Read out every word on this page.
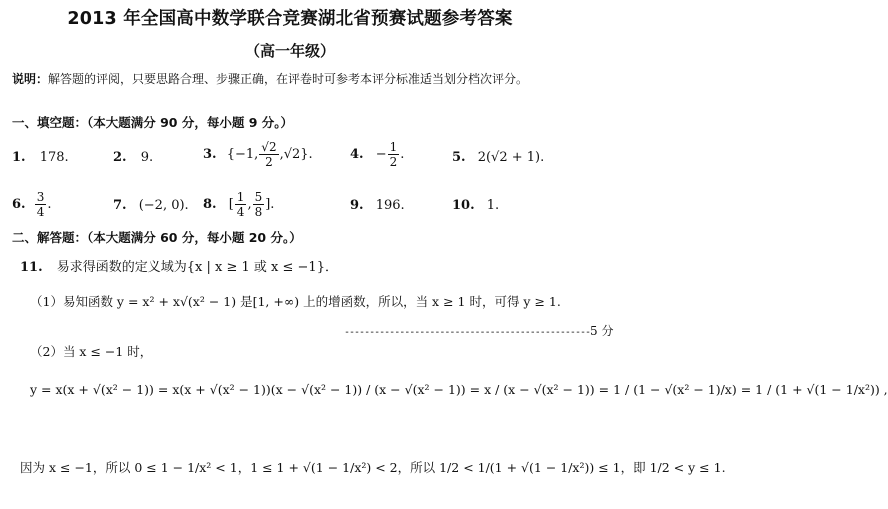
2013 年全国高中数学联合竞赛湖北省预赛试题参考答案
（高一年级）
说明：解答题的评阅，只要思路合理、步骤正确，在评卷时可参考本评分标准适当划分档次评分。
一、填空题：（本大题满分 90 分，每小题 9 分。）
1. 178.	2. 9.	3. {−1, $\frac{√2}{2} ,√2$}.	4. − $\frac{1}{2}$ .	5. 2(√2 + 1).
6. $\frac{3}{4}$ .	7. (−2, 0). 8. [ $\frac{1}{4}$ , $\frac{5}{8}$ ].	9. 196.	10. 1.
二、解答题：（本大题满分 60 分，每小题 20 分。）
11. 易求得函数的定义域为{x | x ≥ 1 或 x ≤ −1}．
（1）易知函数 y = x² + x√(x² − 1) 是[1, +∞) 上的增函数，所以，当 x ≥ 1 时，可得 y ≥ 1.
-------------------------------------------------5 分
（2）当 x ≤ −1 时，
y = x(x + √(x² − 1)) = x(x + √(x² − 1))(x − √(x² − 1)) / (x − √(x² − 1)) = x / (x − √(x² − 1)) = 1 / (1 − √(x² − 1)/x) = 1 / (1 + √(1 − 1/x²)) ,
因为 x ≤ −1，所以 0 ≤ 1 − 1/x² < 1，1 ≤ 1 + √(1 − 1/x²) < 2，所以 1/2 < 1/(1 + √(1 − 1/x²)) ≤ 1，即 1/2 < y ≤ 1.
